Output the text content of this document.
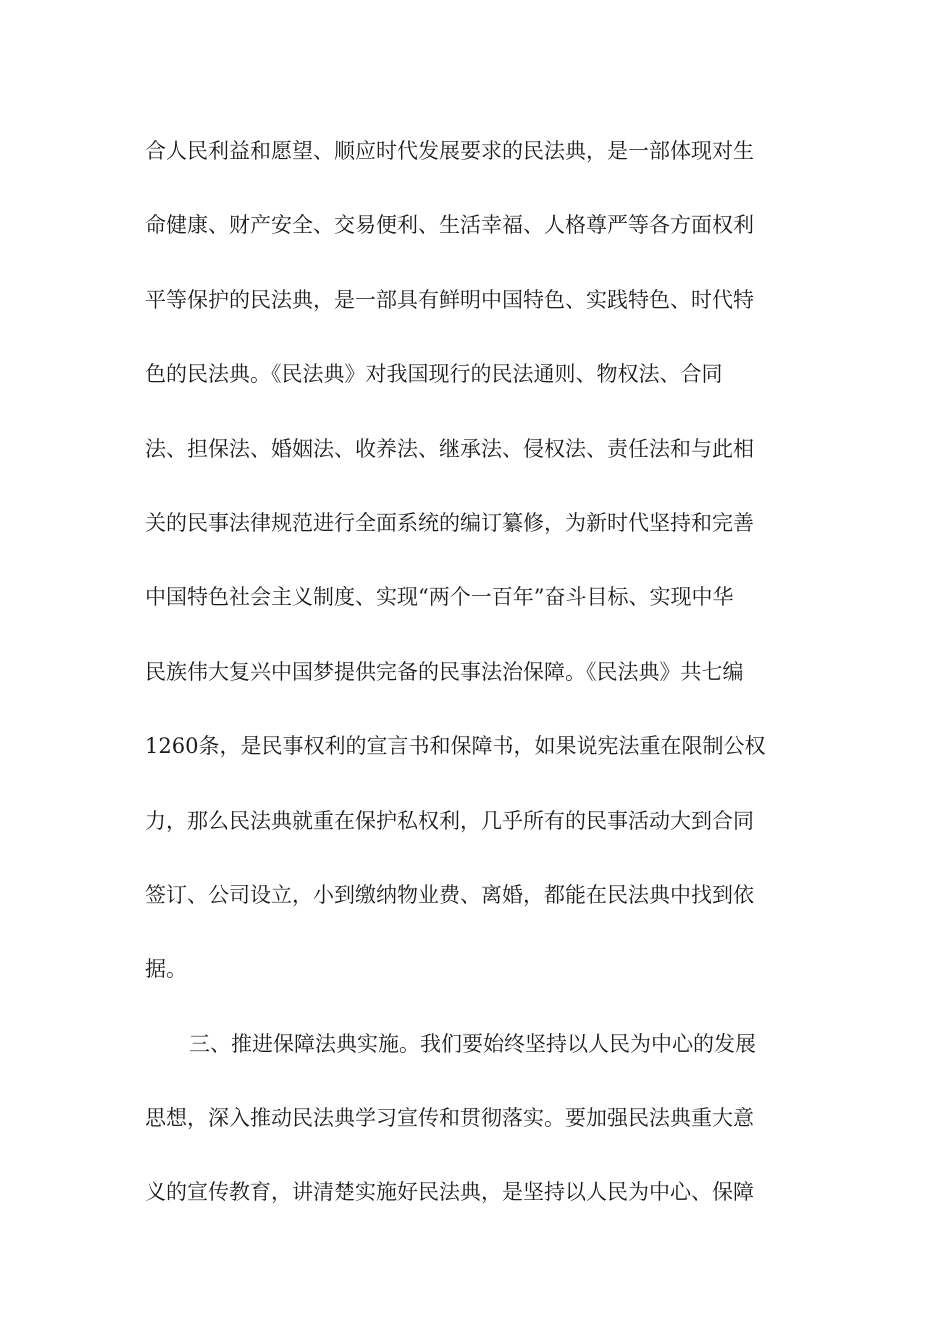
合人民利益和愿望、顺应时代发展要求的民法典，是一部体现对生
命健康、财产安全、交易便利、生活幸福、人格尊严等各方面权利
平等保护的民法典，是一部具有鲜明中国特色、实践特色、时代特
色的民法典。《民法典》对我国现行的民法通则、物权法、合同
法、担保法、婚姻法、收养法、继承法、侵权法、责任法和与此相
关的民事法律规范进行全面系统的编订纂修，为新时代坚持和完善
中国特色社会主义制度、实现“两个一百年”奋斗目标、实现中华
民族伟大复兴中国梦提供完备的民事法治保障。《民法典》共七编
1260条，是民事权利的宣言书和保障书，如果说宪法重在限制公权
力，那么民法典就重在保护私权利，几乎所有的民事活动大到合同
签订、公司设立，小到缴纳物业费、离婚，都能在民法典中找到依
据。
三、推进保障法典实施。我们要始终坚持以人民为中心的发展
思想，深入推动民法典学习宣传和贯彻落实。要加强民法典重大意
义的宣传教育，讲清楚实施好民法典，是坚持以人民为中心、保障
